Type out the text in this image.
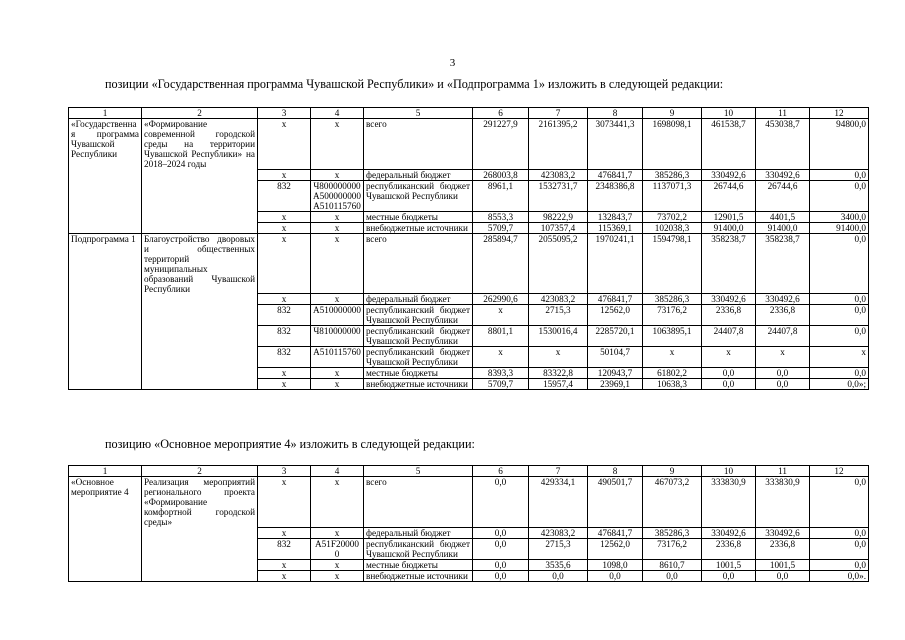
3
позиции «Государственная программа Чувашской Республики» и «Подпрограмма 1» изложить в следующей редакции:
1	2	3	4	5	6	7	8	9	10	11	12
«Государственная программа Чувашской Республики	«Формирование современной городской среды на территории Чувашской Республики» на 2018–2024 годы	x	x	всего	291227,9	2161395,2	3073441,3	1698098,1	461538,7	453038,7	94800,0
		x	x	федеральный бюджет	268003,8	423083,2	476841,7	385286,3	330492,6	330492,6	0,0
		832	Ч800000000 А500000000 А510115760	республиканский бюджет Чувашской Республики	8961,1	1532731,7	2348386,8	1137071,3	26744,6	26744,6	0,0
		x	x	местные бюджеты	8553,3	98222,9	132843,7	73702,2	12901,5	4401,5	3400,0
		x	x	внебюджетные источники	5709,7	107357,4	115369,1	102038,3	91400,0	91400,0	91400,0
Подпрограмма 1	Благоустройство дворовых и общественных территорий муниципальных образований Чувашской Республики	x	x	всего	285894,7	2055095,2	1970241,1	1594798,1	358238,7	358238,7	0,0
		x	x	федеральный бюджет	262990,6	423083,2	476841,7	385286,3	330492,6	330492,6	0,0
		832	А510000000	республиканский бюджет Чувашской Республики	x	2715,3	12562,0	73176,2	2336,8	2336,8	0,0
		832	Ч810000000	республиканский бюджет Чувашской Республики	8801,1	1530016,4	2285720,1	1063895,1	24407,8	24407,8	0,0
		832	А510115760	республиканский бюджет Чувашской Республики	x	x	50104,7	x	x	x	x
		x	x	местные бюджеты	8393,3	83322,8	120943,7	61802,2	0,0	0,0	0,0
		x	x	внебюджетные источники	5709,7	15957,4	23969,1	10638,3	0,0	0,0	0,0»;
позицию «Основное мероприятие 4» изложить в следующей редакции:
1	2	3	4	5	6	7	8	9	10	11	12
«Основное мероприятие 4	Реализация мероприятий регионального проекта «Формирование комфортной городской среды»	x	x	всего	0,0	429334,1	490501,7	467073,2	333830,9	333830,9	0,0
		x	x	федеральный бюджет	0,0	423083,2	476841,7	385286,3	330492,6	330492,6	0,0
		832	А51F200000	республиканский бюджет Чувашской Республики	0,0	2715,3	12562,0	73176,2	2336,8	2336,8	0,0
		x	x	местные бюджеты	0,0	3535,6	1098,0	8610,7	1001,5	1001,5	0,0
		x	x	внебюджетные источники	0,0	0,0	0,0	0,0	0,0	0,0	0,0».
